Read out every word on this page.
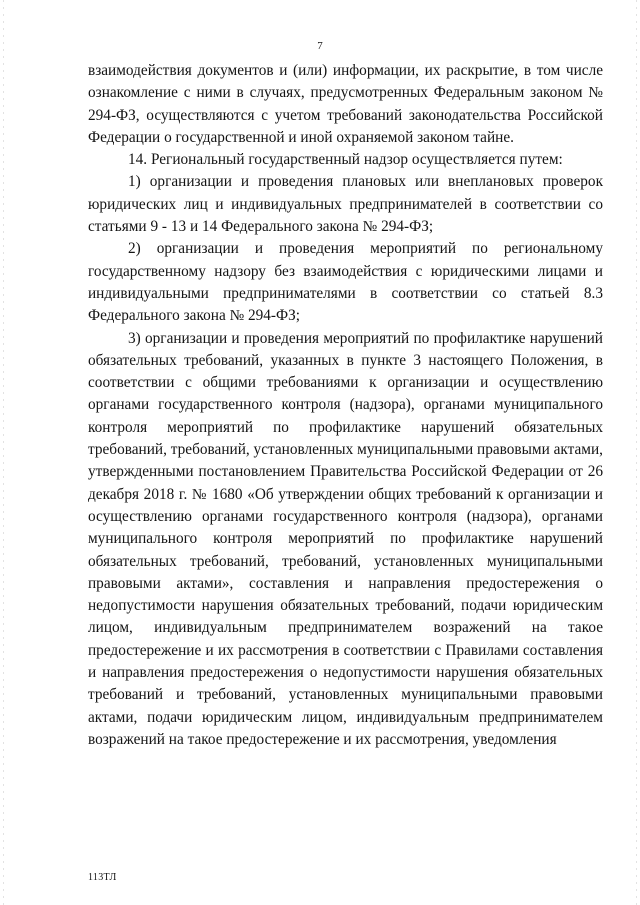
7

взаимодействия документов и (или) информации, их раскрытие, в том числе ознакомление с ними в случаях, предусмотренных Федеральным законом № 294-ФЗ, осуществляются с учетом требований законодательства Российской Федерации о государственной и иной охраняемой законом тайне.

14. Региональный государственный надзор осуществляется путем:

1) организации и проведения плановых или внеплановых проверок юридических лиц и индивидуальных предпринимателей в соответствии со статьями 9 - 13 и 14 Федерального закона № 294-ФЗ;

2) организации и проведения мероприятий по региональному государственному надзору без взаимодействия с юридическими лицами и индивидуальными предпринимателями в соответствии со статьей 8.3 Федерального закона № 294-ФЗ;

3) организации и проведения мероприятий по профилактике нарушений обязательных требований, указанных в пункте 3 настоящего Положения, в соответствии с общими требованиями к организации и осуществлению органами государственного контроля (надзора), органами муниципального контроля мероприятий по профилактике нарушений обязательных требований, требований, установленных муниципальными правовыми актами, утвержденными постановлением Правительства Российской Федерации от 26 декабря 2018 г. № 1680 «Об утверждении общих требований к организации и осуществлению органами государственного контроля (надзора), органами муниципального контроля мероприятий по профилактике нарушений обязательных требований, требований, установленных муниципальными правовыми актами», составления и направления предостережения о недопустимости нарушения обязательных требований, подачи юридическим лицом, индивидуальным предпринимателем возражений на такое предостережение и их рассмотрения в соответствии с Правилами составления и направления предостережения о недопустимости нарушения обязательных требований и требований, установленных муниципальными правовыми актами, подачи юридическим лицом, индивидуальным предпринимателем возражений на такое предостережение и их рассмотрения, уведомления

113ТЛ
